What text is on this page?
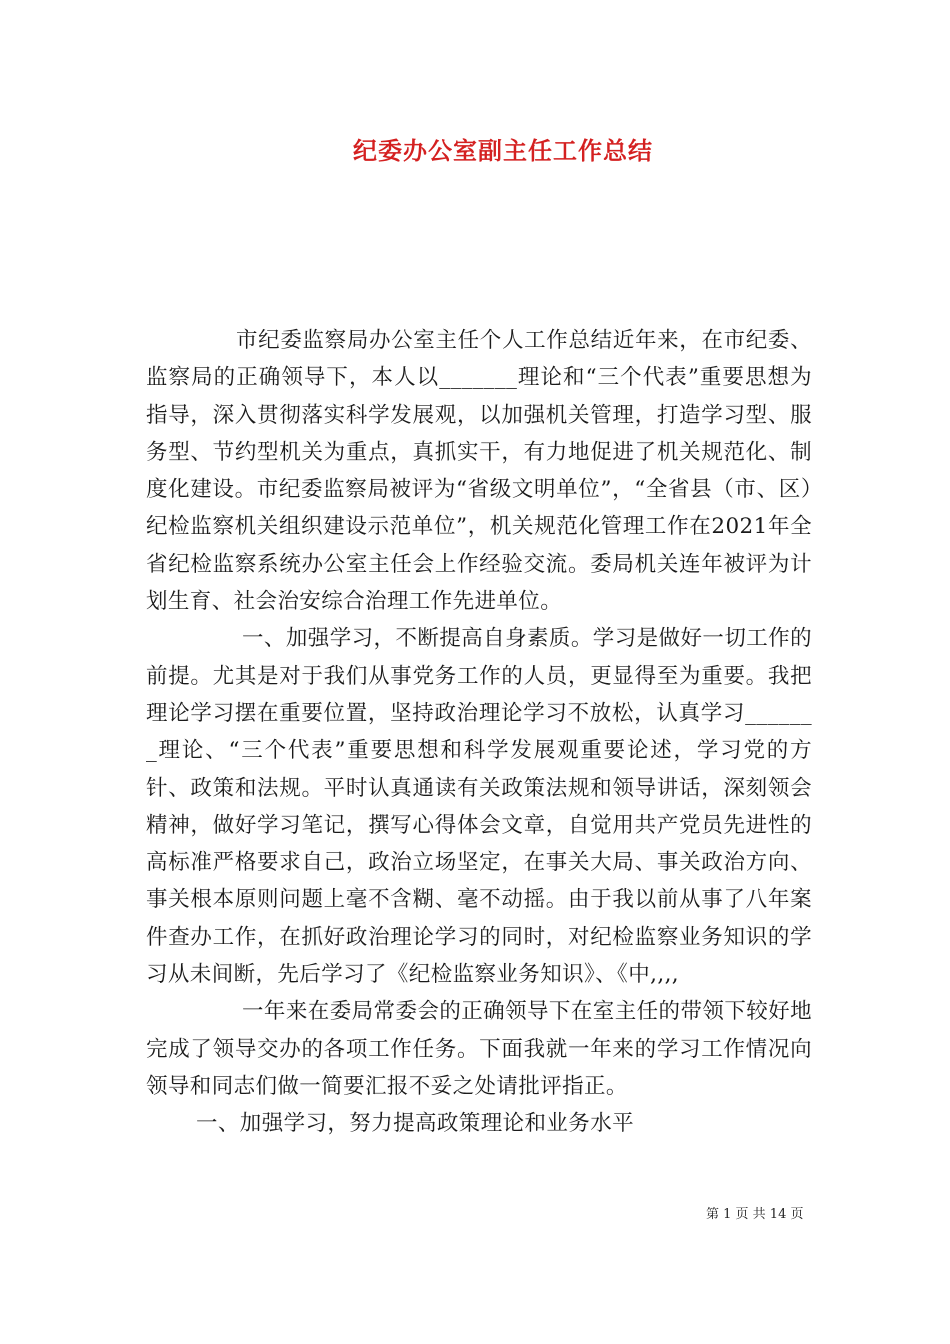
纪委办公室副主任工作总结

市纪委监察局办公室主任个人工作总结近年来，在市纪委、监察局的正确领导下，本人以_______理论和“三个代表”重要思想为指导，深入贯彻落实科学发展观，以加强机关管理，打造学习型、服务型、节约型机关为重点，真抓实干，有力地促进了机关规范化、制度化建设。市纪委监察局被评为“省级文明单位”，“全省县（市、区）纪检监察机关组织建设示范单位”，机关规范化管理工作在2021年全省纪检监察系统办公室主任会上作经验交流。委局机关连年被评为计划生育、社会治安综合治理工作先进单位。

一、加强学习，不断提高自身素质。学习是做好一切工作的前提。尤其是对于我们从事党务工作的人员，更显得至为重要。我把理论学习摆在重要位置，坚持政治理论学习不放松，认真学习_______理论、“三个代表”重要思想和科学发展观重要论述，学习党的方针、政策和法规。平时认真通读有关政策法规和领导讲话，深刻领会精神，做好学习笔记，撰写心得体会文章，自觉用共产党员先进性的高标准严格要求自己，政治立场坚定，在事关大局、事关政治方向、事关根本原则问题上毫不含糊、毫不动摇。由于我以前从事了八年案件查办工作，在抓好政治理论学习的同时，对纪检监察业务知识的学习从未间断，先后学习了《纪检监察业务知识》、《中,,,,

一年来在委局常委会的正确领导下在室主任的带领下较好地完成了领导交办的各项工作任务。下面我就一年来的学习工作情况向领导和同志们做一简要汇报不妥之处请批评指正。

一、加强学习，努力提高政策理论和业务水平

第 1 页 共 14 页
